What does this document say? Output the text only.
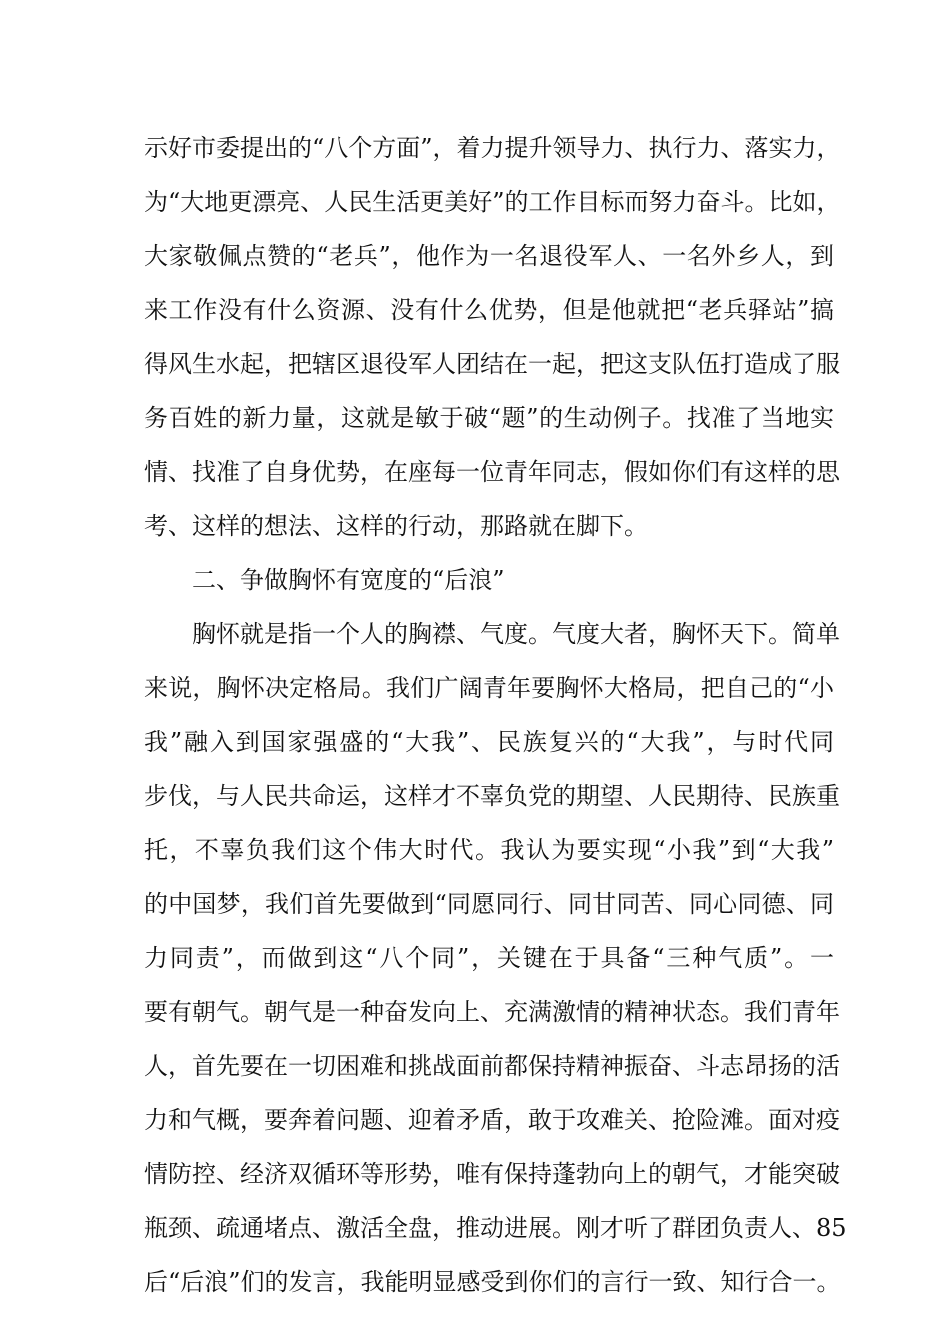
示好市委提出的“八个方面”，着力提升领导力、执行力、落实力，
为“大地更漂亮、人民生活更美好”的工作目标而努力奋斗。比如，
大家敬佩点赞的“老兵”，他作为一名退役军人、一名外乡人，到
来工作没有什么资源、没有什么优势，但是他就把“老兵驿站”搞
得风生水起，把辖区退役军人团结在一起，把这支队伍打造成了服
务百姓的新力量，这就是敏于破“题”的生动例子。找准了当地实
情、找准了自身优势，在座每一位青年同志，假如你们有这样的思
考、这样的想法、这样的行动，那路就在脚下。
二、争做胸怀有宽度的“后浪”
胸怀就是指一个人的胸襟、气度。气度大者，胸怀天下。简单
来说，胸怀决定格局。我们广阔青年要胸怀大格局，把自己的“小
我”融入到国家强盛的“大我”、民族复兴的“大我”，与时代同
步伐，与人民共命运，这样才不辜负党的期望、人民期待、民族重
托，不辜负我们这个伟大时代。我认为要实现“小我”到“大我”
的中国梦，我们首先要做到“同愿同行、同甘同苦、同心同德、同
力同责”，而做到这“八个同”，关键在于具备“三种气质”。一
要有朝气。朝气是一种奋发向上、充满激情的精神状态。我们青年
人，首先要在一切困难和挑战面前都保持精神振奋、斗志昂扬的活
力和气概，要奔着问题、迎着矛盾，敢于攻难关、抢险滩。面对疫
情防控、经济双循环等形势，唯有保持蓬勃向上的朝气，才能突破
瓶颈、疏通堵点、激活全盘，推动进展。刚才听了群团负责人、85
后“后浪”们的发言，我能明显感受到你们的言行一致、知行合一。
